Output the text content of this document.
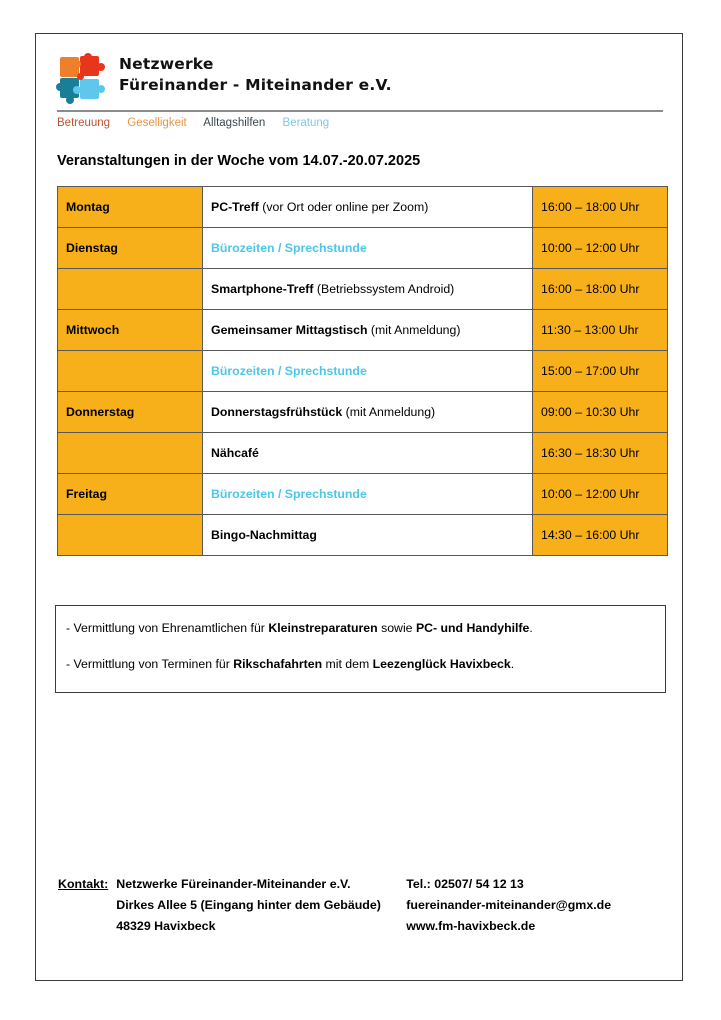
Netzwerke
Füreinander - Miteinander e.V.
Betreuung Geselligkeit Alltagshilfen Beratung
Veranstaltungen in der Woche vom 14.07.-20.07.2025
Montag	PC-Treff (vor Ort oder online per Zoom)	16:00 – 18:00 Uhr
Dienstag	Bürozeiten / Sprechstunde	10:00 – 12:00 Uhr
	Smartphone-Treff (Betriebssystem Android)	16:00 – 18:00 Uhr
Mittwoch	Gemeinsamer Mittagstisch (mit Anmeldung)	11:30 – 13:00 Uhr
	Bürozeiten / Sprechstunde	15:00 – 17:00 Uhr
Donnerstag	Donnerstagsfrühstück (mit Anmeldung)	09:00 – 10:30 Uhr
	Nähcafé	16:30 – 18:30 Uhr
Freitag	Bürozeiten / Sprechstunde	10:00 – 12:00 Uhr
	Bingo-Nachmittag	14:30 – 16:00 Uhr
- Vermittlung von Ehrenamtlichen für Kleinstreparaturen sowie PC- und Handyhilfe.
- Vermittlung von Terminen für Rikschafahrten mit dem Leezenglück Havixbeck.
Kontakt: Netzwerke Füreinander-Miteinander e.V.
Dirkes Allee 5 (Eingang hinter dem Gebäude)
48329 Havixbeck
Tel.: 02507/ 54 12 13
fuereinander-miteinander@gmx.de
www.fm-havixbeck.de
